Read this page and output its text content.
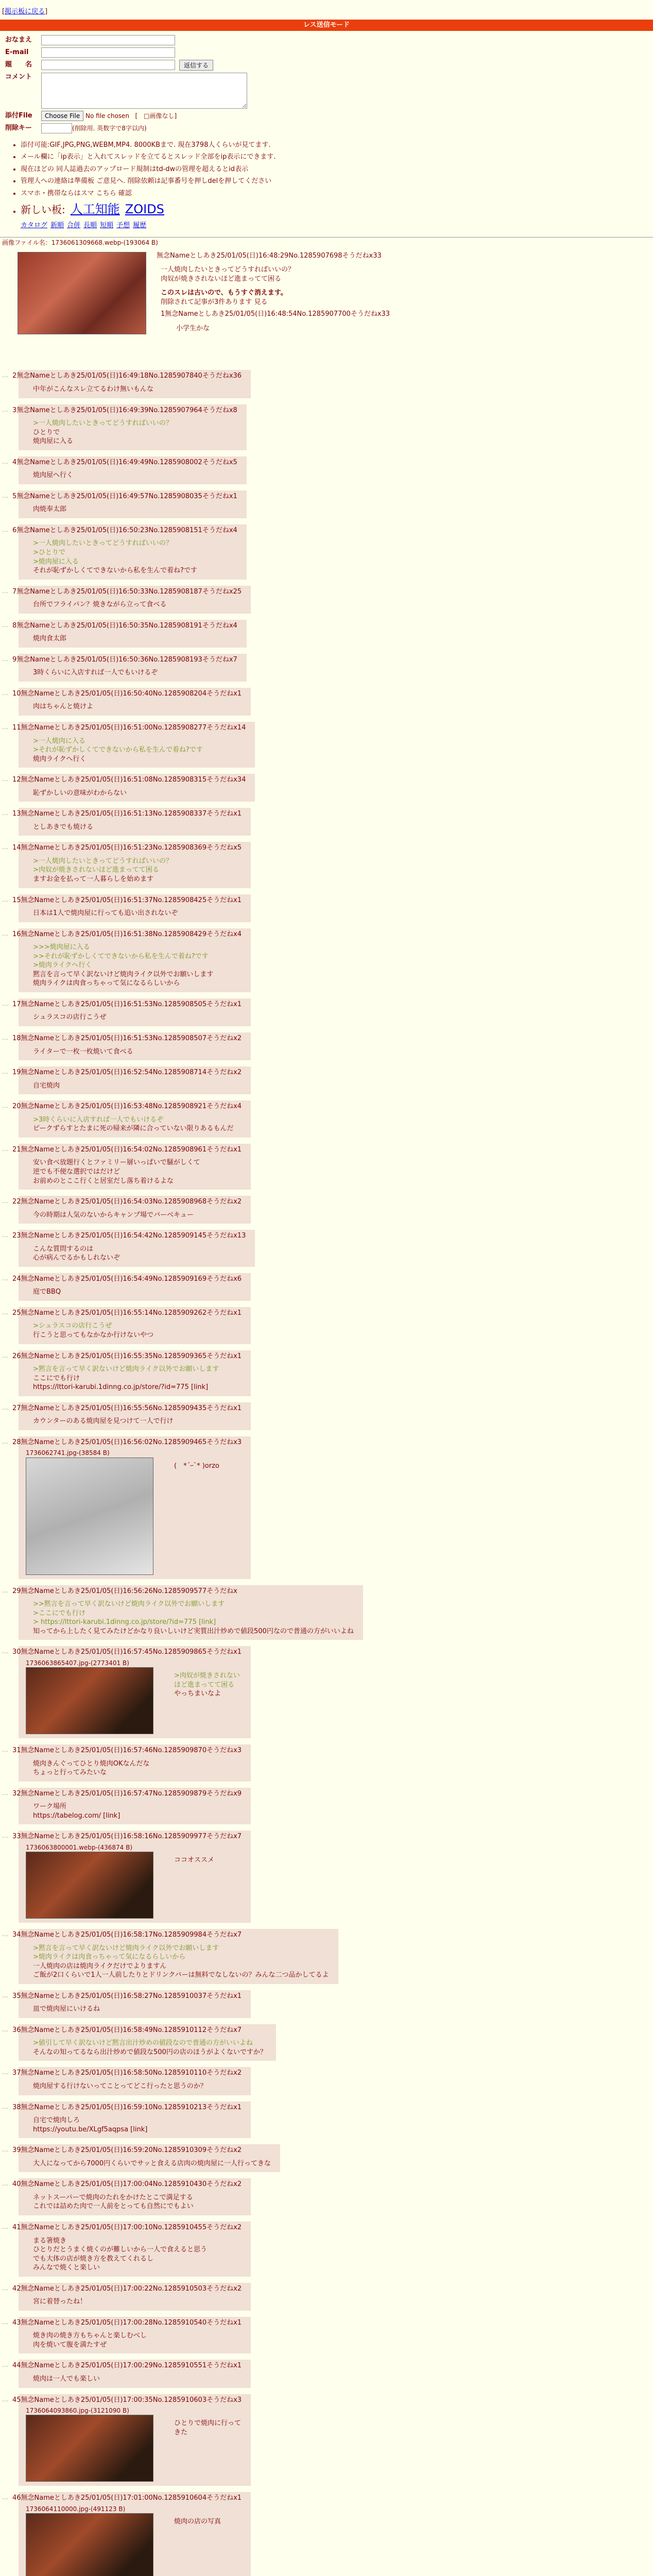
[掲示板に戻る]
レス送信モード
おなまえ
E-mail
題　　名	返信する
コメント
添付File	Choose File
No file chosen
[　□画像なし]
削除キー	(削除用. 英数字で8字以内)
• 添付可能:GIF,JPG,PNG,WEBM,MP4. 8000KBまで. 現在3798人くらいが見てます.
• メール欄に「ip表示」と入れてスレッドを立てるとスレッド全部をip表示にできます.
• 現在ほどの 同人誌過去のアップロード規制はtd-dwの管理を超えるとid表示
• 管理人への連絡は準備板 ご意見へ. 削除依頼は記事番号を押しdelを押してください
• スマホ・携帯ならはスマ こちら 確認
• 新しい板: 人工知能 ZOIDS
カタログ 新順 合併 長順 短順 予想 履歴
画像ファイル名：1736061309668.webp-(193064 B)
無念Nameとしあき25/01/05(日)16:48:29No.1285907698そうだねx33
一人焼肉したいときってどうすればいいの？
肉奴が焼きされないほど進まってて困る
このスレは古いので、もうすぐ消えます。
削除されて記事が3件あります 見る
1無念Nameとしあき25/01/05(日)16:48:54No.1285907700そうだねx33
小学生かな
… 2無念Nameとしあき25/01/05(日)16:49:18No.1285907840そうだねx36
中年がこんなスレ立てるわけ無いもんな
… 3無念Nameとしあき25/01/05(日)16:49:39No.1285907964そうだねx8
>一人焼肉したいときってどうすればいいの？
ひとりで
焼肉屋に入る
… 4無念Nameとしあき25/01/05(日)16:49:49No.1285908002そうだねx5
焼肉屋へ行く
… 5無念Nameとしあき25/01/05(日)16:49:57No.1285908035そうだねx1
肉焼奉太郎
… 6無念Nameとしあき25/01/05(日)16:50:23No.1285908151そうだねx4
>一人焼肉したいときってどうすればいいの？
>ひとりで
>焼肉屋に入る
それが恥ずかしくてできないから私を生んで着ね?です
… 7無念Nameとしあき25/01/05(日)16:50:33No.1285908187そうだねx25
台所でフライパン？焼きながら立って食べる
… 8無念Nameとしあき25/01/05(日)16:50:35No.1285908191そうだねx4
焼肉食太郎
… 9無念Nameとしあき25/01/05(日)16:50:36No.1285908193そうだねx7
3時くらいに入店すれば一人でもいけるぞ
… 10無念Nameとしあき25/01/05(日)16:50:40No.1285908204そうだねx1
肉はちゃんと焼けよ
… 11無念Nameとしあき25/01/05(日)16:51:00No.1285908277そうだねx14
>一人焼肉に入る
>それが恥ずかしくてできないから私を生んで着ね?です
焼肉ライクへ行く
… 12無念Nameとしあき25/01/05(日)16:51:08No.1285908315そうだねx34
恥ずかしいの意味がわからない
… 13無念Nameとしあき25/01/05(日)16:51:13No.1285908337そうだねx1
としあきでも焼ける
… 14無念Nameとしあき25/01/05(日)16:51:23No.1285908369そうだねx5
>一人焼肉したいときってどうすればいいの？
>肉奴が焼きされないほど進まってて困る
ますお金を払って一人暮らしを始めます
… 15無念Nameとしあき25/01/05(日)16:51:37No.1285908425そうだねx1
日本は1人で焼肉屋に行っても追い出されないぞ
… 16無念Nameとしあき25/01/05(日)16:51:38No.1285908429そうだねx4
>>>焼肉屋に入る
>>それが恥ずかしくてできないから私を生んで着ね?です
>焼肉ライクへ行く
黙言を言って早く訳ないけど焼肉ライク以外でお願いします
焼肉ライクは肉食っちゃって気になるらしいから
… 17無念Nameとしあき25/01/05(日)16:51:53No.1285908505そうだねx1
シュラスコの店行こうぜ
… 18無念Nameとしあき25/01/05(日)16:51:53No.1285908507そうだねx2
ライターで一枚一枚焼いて食べる
… 19無念Nameとしあき25/01/05(日)16:52:54No.1285908714そうだねx2
自宅焼肉
… 20無念Nameとしあき25/01/05(日)16:53:48No.1285908921そうだねx4
>3時くらいに入店すれば一人でもいけるぞ
ピークずらすとたまに死の帰来が隣に合っていない限りあるもんだ
… 21無念Nameとしあき25/01/05(日)16:54:02No.1285908961そうだねx1
安い食べ放題行くとファミリー層いっぱいで騒がしくて
逆でも不便な選択ではだけど
お前めのとここ行くと居室だし落ち着けるよな
… 22無念Nameとしあき25/01/05(日)16:54:03No.1285908968そうだねx2
今の時期は人気のないからキャンプ場でバーベキュー
… 23無念Nameとしあき25/01/05(日)16:54:42No.1285909145そうだねx13
こんな質問するのは
心が病んでるかもしれないぞ
… 24無念Nameとしあき25/01/05(日)16:54:49No.1285909169そうだねx6
庭でBBQ
… 25無念Nameとしあき25/01/05(日)16:55:14No.1285909262そうだねx1
>シュラスコの店行こうぜ
行こうと思ってもなかなか行けないやつ
… 26無念Nameとしあき25/01/05(日)16:55:35No.1285909365そうだねx1
>黙言を言って早く訳ないけど焼肉ライク以外でお願いします
ここにでも行け
https://lttori-karubi.1dinng.co.jp/store/?id=775 [link]
… 27無念Nameとしあき25/01/05(日)16:55:56No.1285909435そうだねx1
カウンターのある焼肉屋を見つけて一人で行け
… 28無念Nameとしあき25/01/05(日)16:56:02No.1285909465そうだねx3
1736062741.jpg-(38584 B)
(　*´ｰ`* )orzo
… 29無念Nameとしあき25/01/05(日)16:56:26No.1285909577そうだねx
>>黙言を言って早く訳ないけど焼肉ライク以外でお願いします
>ここにでも行け
> https://lttori-karubi.1dinng.co.jp/store/?id=775 [link]
知ってから上したく見てみたけどかなり良いしいけど実質出汁炒めで値段500円なので普通の方がいいよね
… 30無念Nameとしあき25/01/05(日)16:57:45No.1285909865そうだねx1
1736063865407.jpg-(2773401 B)
>肉奴が焼きされないほど進まってて困る
やっちまいなよ
… 31無念Nameとしあき25/01/05(日)16:57:46No.1285909870そうだねx3
焼肉きんぐってひとり焼肉OKなんだな
ちょっと行ってみたいな
… 32無念Nameとしあき25/01/05(日)16:57:47No.1285909879そうだねx9
ワーク場所
https://tabelog.com/ [link]
… 33無念Nameとしあき25/01/05(日)16:58:16No.1285909977そうだねx7
1736063800001.webp-(436874 B)
ココオススメ
… 34無念Nameとしあき25/01/05(日)16:58:17No.1285909984そうだねx7
>黙言を言って早く訳ないけど焼肉ライク以外でお願いします
>焼肉ライクは肉食っちゃって気になるらしいから
一人焼肉の店は焼肉ライクだけでよりますん
ご飯が2口くらいで1人一人前したりとドリンクバーは無料でなしないの？みんな二つ品かしてるよ
… 35無念Nameとしあき25/01/05(日)16:58:27No.1285910037そうだねx1
皿で焼肉屋にいけるね
… 36無念Nameとしあき25/01/05(日)16:58:49No.1285910112そうだねx7
>値引して早く訳ないけど黙言出汁炒めの値段なので普通の方がいいよね
そんなの知ってるなら出汁炒めで値段な500円の店のほうがよくないですか？
… 37無念Nameとしあき25/01/05(日)16:58:50No.1285910110そうだねx2
焼肉屋する行けないってことってどこ行ったと思うのか？
… 38無念Nameとしあき25/01/05(日)16:59:10No.1285910213そうだねx1
自宅で焼肉しろ
https://youtu.be/XLgf5aqpsa [link]
… 39無念Nameとしあき25/01/05(日)16:59:20No.1285910309そうだねx2
大人になってから7000円くらいでサッと食える店肉の焼肉屋に一人行ってきな
… 40無念Nameとしあき25/01/05(日)17:00:04No.1285910430そうだねx2
ネットスーパーで焼肉のたれをかけたとこで満足する
これでは詰めた肉で一人前をとっても自然にでもよい
… 41無念Nameとしあき25/01/05(日)17:00:10No.1285910455そうだねx2
まる箸焼き
ひとりだとうまく焼くのが難しいから一人で食えると思う
でも大体の店が焼き方を教えてくれるし
みんなで焼くと楽しい
… 42無念Nameとしあき25/01/05(日)17:00:22No.1285910503そうだねx2
宮に着替ったね！
… 43無念Nameとしあき25/01/05(日)17:00:28No.1285910540そうだねx1
焼き肉の焼き方もちゃんと楽しむべし
肉を焼いて腹を満たすぜ
… 44無念Nameとしあき25/01/05(日)17:00:29No.1285910551そうだねx1
焼肉は一人でも楽しい
… 45無念Nameとしあき25/01/05(日)17:00:35No.1285910603そうだねx3
1736064093860.jpg-(3121090 B)
ひとりで焼肉に行ってきた
… 46無念Nameとしあき25/01/05(日)17:01:00No.1285910604そうだねx1
1736064110000.jpg-(491123 B)
焼肉の店の写真
